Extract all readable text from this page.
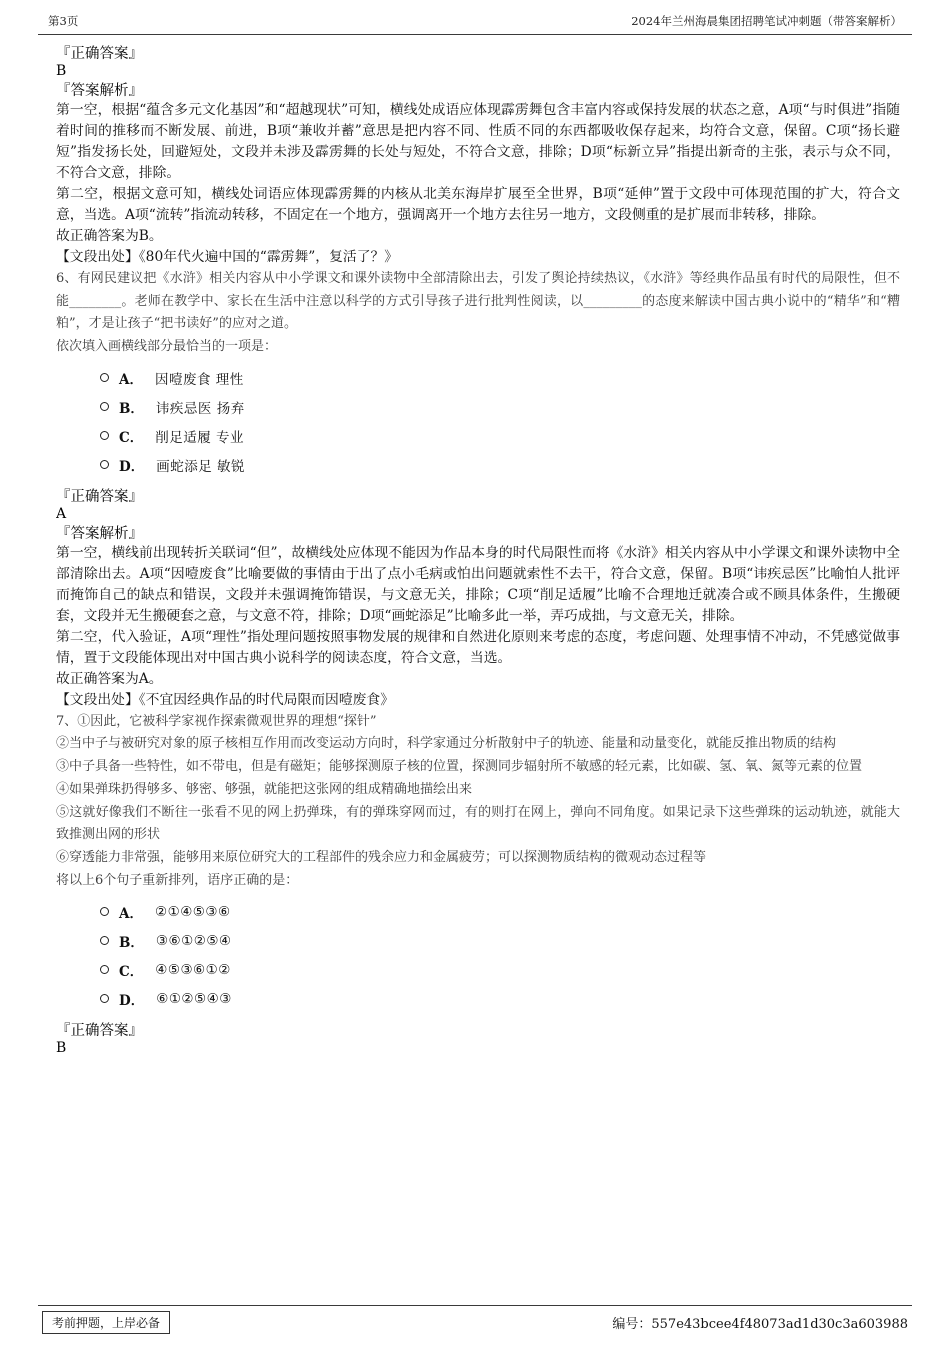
第3页	2024年兰州海晨集团招聘笔试冲刺题（带答案解析）

『正确答案』

B

『答案解析』

第一空，根据“蕴含多元文化基因”和“超越现状”可知，横线处成语应体现霹雳舞包含丰富内容或保持发展的状态之意，A项“与时俱进”指随着时间的推移而不断发展、前进，B项“兼收并蓄”意思是把内容不同、性质不同的东西都吸收保存起来，均符合文意，保留。C项“扬长避短”指发扬长处，回避短处，文段并未涉及霹雳舞的长处与短处，不符合文意，排除；D项“标新立异”指提出新奇的主张，表示与众不同，不符合文意，排除。

第二空，根据文意可知，横线处词语应体现霹雳舞的内核从北美东海岸扩展至全世界，B项“延伸”置于文段中可体现范围的扩大，符合文意，当选。A项“流转”指流动转移，不固定在一个地方，强调离开一个地方去往另一地方，文段侧重的是扩展而非转移，排除。

故正确答案为B。

【文段出处】《80年代火遍中国的“霹雳舞”，复活了？》

6、有网民建议把《水浒》相关内容从中小学课文和课外读物中全部清除出去，引发了舆论持续热议，《水浒》等经典作品虽有时代的局限性，但不能________。老师在教学中、家长在生活中注意以科学的方式引导孩子进行批判性阅读，以_________的态度来解读中国古典小说中的“精华”和“糟粕”，才是让孩子“把书读好”的应对之道。

依次填入画横线部分最恰当的一项是：

A． 因噎废食 理性
B． 讳疾忌医 扬弃
C． 削足适履 专业
D． 画蛇添足 敏锐

『正确答案』

A

『答案解析』

第一空，横线前出现转折关联词“但”，故横线处应体现不能因为作品本身的时代局限性而将《水浒》相关内容从中小学课文和课外读物中全部清除出去。A项“因噎废食”比喻要做的事情由于出了点小毛病或怕出问题就索性不去干，符合文意，保留。B项“讳疾忌医”比喻怕人批评而掩饰自己的缺点和错误，文段并未强调掩饰错误，与文意无关，排除；C项“削足适履”比喻不合理地迁就凑合或不顾具体条件，生搬硬套，文段并无生搬硬套之意，与文意不符，排除；D项“画蛇添足”比喻多此一举，弄巧成拙，与文意无关，排除。

第二空，代入验证，A项“理性”指处理问题按照事物发展的规律和自然进化原则来考虑的态度，考虑问题、处理事情不冲动，不凭感觉做事情，置于文段能体现出对中国古典小说科学的阅读态度，符合文意，当选。

故正确答案为A。

【文段出处】《不宜因经典作品的时代局限而因噎废食》

7、①因此，它被科学家视作探索微观世界的理想“探针”

②当中子与被研究对象的原子核相互作用而改变运动方向时，科学家通过分析散射中子的轨迹、能量和动量变化，就能反推出物质的结构

③中子具备一些特性，如不带电，但是有磁矩；能够探测原子核的位置，探测同步辐射所不敏感的轻元素，比如碳、氢、氧、氮等元素的位置

④如果弹珠扔得够多、够密、够强，就能把这张网的组成精确地描绘出来

⑤这就好像我们不断往一张看不见的网上扔弹珠，有的弹珠穿网而过，有的则打在网上，弹向不同角度。如果记录下这些弹珠的运动轨迹，就能大致推测出网的形状

⑥穿透能力非常强，能够用来原位研究大的工程部件的残余应力和金属疲劳；可以探测物质结构的微观动态过程等

将以上6个句子重新排列，语序正确的是：

A． ②①④⑤③⑥
B． ③⑥①②⑤④
C． ④⑤③⑥①②
D． ⑥①②⑤④③

『正确答案』

B

考前押题，上岸必备	编号：557e43bcee4f48073ad1d30c3a603988
